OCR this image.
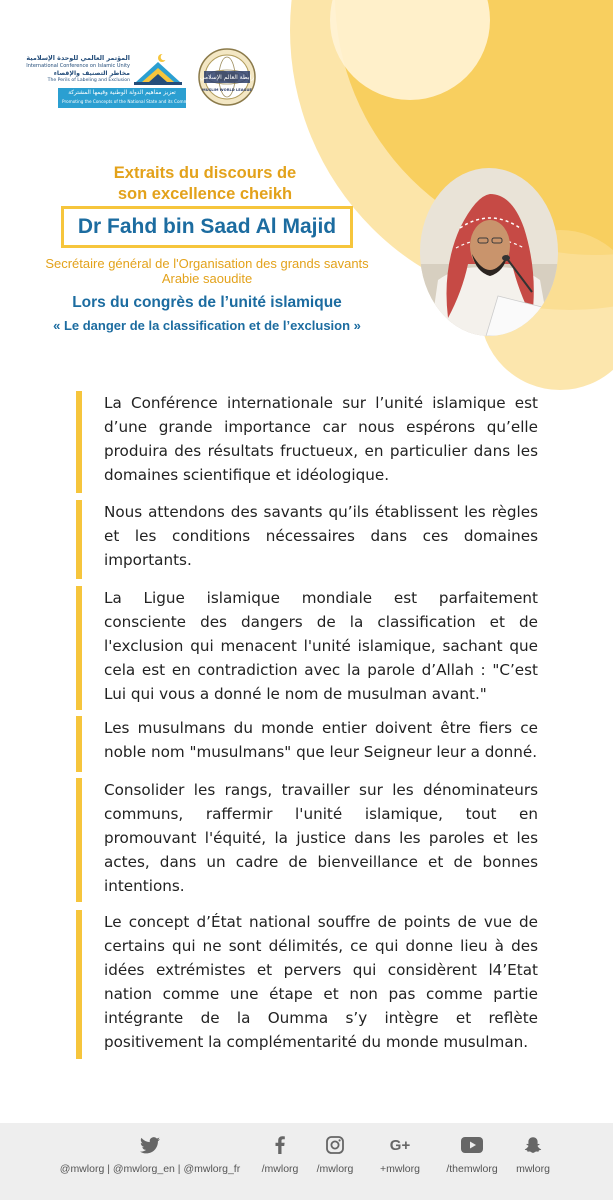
المؤتمر العالمي للوحدة الإسلامية
International Conference on Islamic Unity
مخاطر التصنيف والإقصاء
The Perils of Labeling and Exclusion
تعزيز مفاهيم الدولة الوطنية وقيمها المشتركة
Promoting the Concepts of the National State and its Common Values
رابطة العالم الإسلامي
MUSLIM WORLD LEAGUE
Extraits du discours de
son excellence cheikh
Dr Fahd bin Saad Al Majid
Secrétaire général de l'Organisation des grands savants
Arabie saoudite
Lors du congrès de l’unité islamique
« Le danger de la classification et de l’exclusion »
La Conférence internationale sur l’unité islamique est d’une grande importance car nous espérons qu’elle produira des résultats fructueux, en particulier dans les domaines scientifique et idéologique.
Nous attendons des savants qu’ils établissent les règles et les conditions nécessaires dans ces domaines importants.
La Ligue islamique mondiale est parfaitement consciente des dangers de la classification et de l'exclusion qui menacent l'unité islamique, sachant que cela est en contradiction avec la parole d’Allah : "C’est Lui qui vous a donné le nom de musulman avant."
Les musulmans du monde entier doivent être fiers ce noble nom "musulmans" que leur Seigneur leur a donné.
Consolider les rangs, travailler sur les dénominateurs communs, raffermir l'unité islamique, tout en promouvant l'équité, la justice dans les paroles et les actes, dans un cadre de bienveillance et de bonnes intentions.
Le concept d’État national souffre de points de vue de certains qui ne sont délimités, ce qui donne lieu à des idées extrémistes et pervers qui considèrent l4’Etat nation comme une étape et non pas comme partie intégrante de la Oumma s’y intègre et reflète positivement la complémentarité du monde musulman.
@mwlorg | @mwlorg_en | @mwlorg_fr	/mwlorg	/mwlorg
G+
+mwlorg	/themwlorg	mwlorg
